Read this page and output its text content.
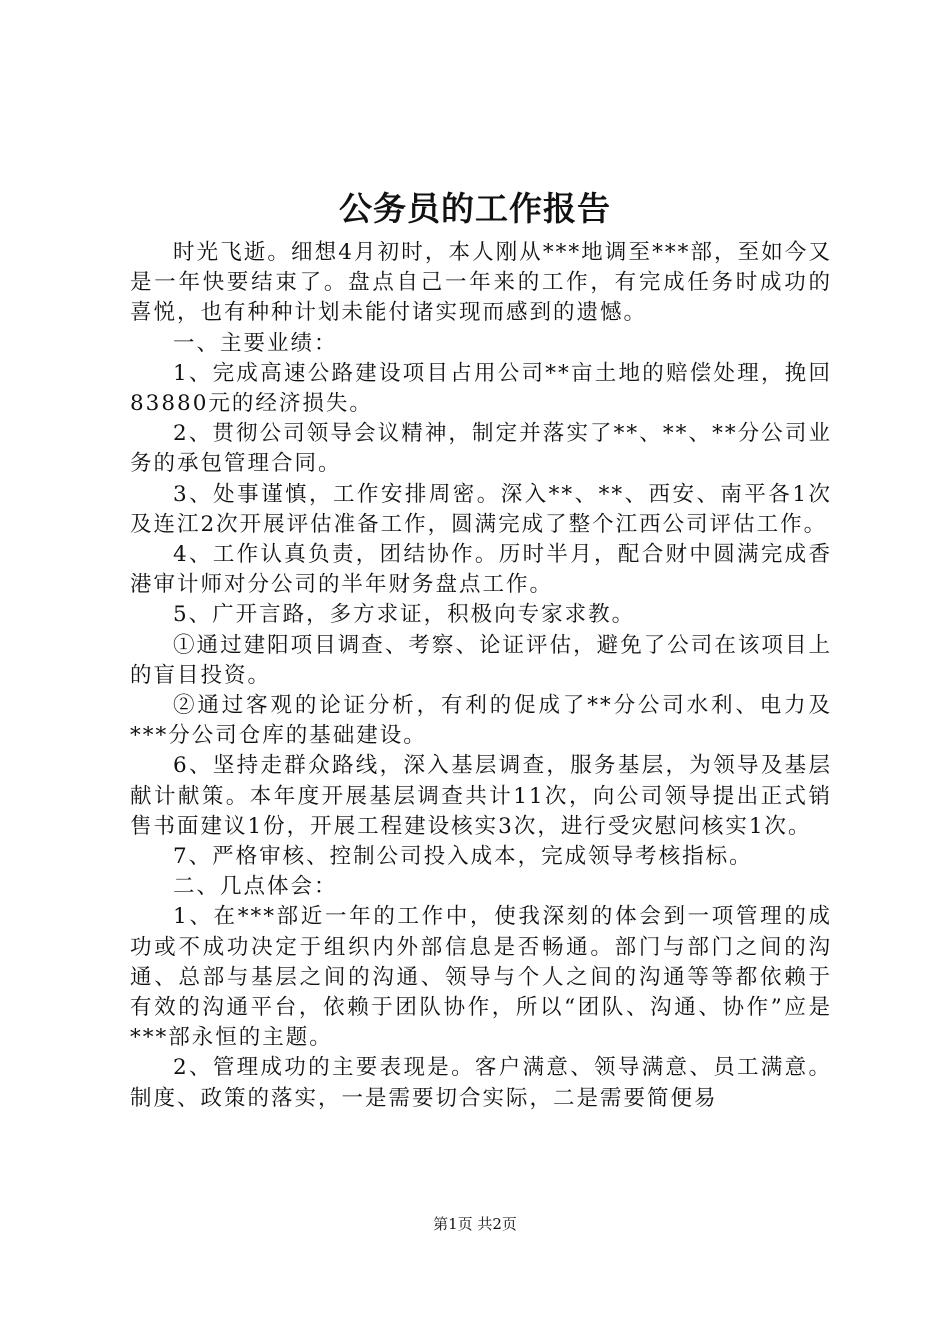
公务员的工作报告

时光飞逝。细想4月初时，本人刚从***地调至***部，至如今又是一年快要结束了。盘点自己一年来的工作，有完成任务时成功的喜悦，也有种种计划未能付诸实现而感到的遗憾。

一、主要业绩：

1、完成高速公路建设项目占用公司**亩土地的赔偿处理，挽回83880元的经济损失。

2、贯彻公司领导会议精神，制定并落实了**、**、**分公司业务的承包管理合同。

3、处事谨慎，工作安排周密。深入**、**、西安、南平各1次及连江2次开展评估准备工作，圆满完成了整个江西公司评估工作。

4、工作认真负责，团结协作。历时半月，配合财中圆满完成香港审计师对分公司的半年财务盘点工作。

5、广开言路，多方求证，积极向专家求教。

①通过建阳项目调查、考察、论证评估，避免了公司在该项目上的盲目投资。

②通过客观的论证分析，有利的促成了**分公司水利、电力及***分公司仓库的基础建设。

6、坚持走群众路线，深入基层调查，服务基层，为领导及基层献计献策。本年度开展基层调查共计11次，向公司领导提出正式销售书面建议1份，开展工程建设核实3次，进行受灾慰问核实1次。

7、严格审核、控制公司投入成本，完成领导考核指标。

二、几点体会：

1、在***部近一年的工作中，使我深刻的体会到一项管理的成功或不成功决定于组织内外部信息是否畅通。部门与部门之间的沟通、总部与基层之间的沟通、领导与个人之间的沟通等等都依赖于有效的沟通平台，依赖于团队协作，所以“团队、沟通、协作”应是***部永恒的主题。

2、管理成功的主要表现是。客户满意、领导满意、员工满意。制度、政策的落实，一是需要切合实际，二是需要简便易

第1页 共2页
